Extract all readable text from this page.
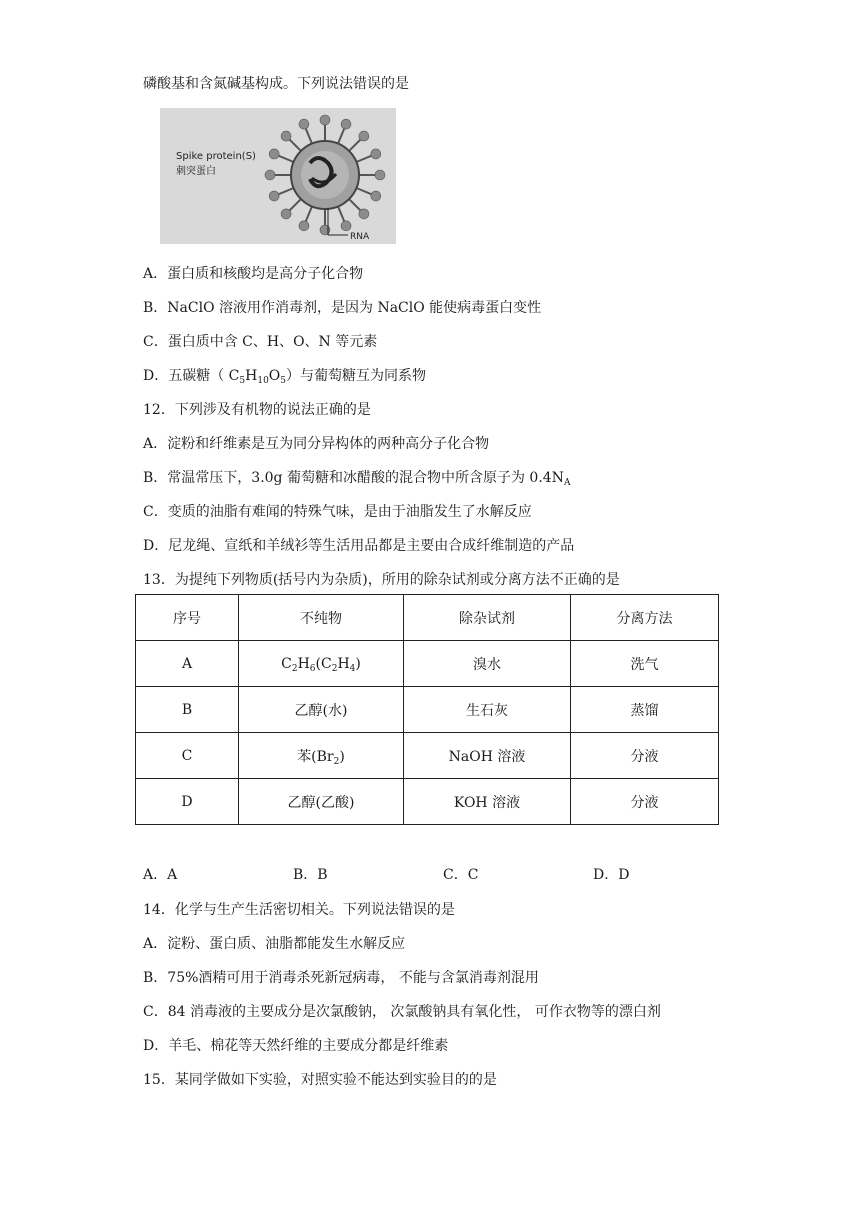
磷酸基和含氮碱基构成。下列说法错误的是
RNA
Spike protein(S)
刺突蛋白
A．蛋白质和核酸均是高分子化合物
B．NaClO 溶液用作消毒剂，是因为 NaClO 能使病毒蛋白变性
C．蛋白质中含 C、H、O、N 等元素
D．五碳糖（ $C_5H_{10}O_5$）与葡萄糖互为同系物
12．下列涉及有机物的说法正确的是
A．淀粉和纤维素是互为同分异构体的两种高分子化合物
B．常温常压下，3.0g 葡萄糖和冰醋酸的混合物中所含原子为 $0.4N_A$
C．变质的油脂有难闻的特殊气味，是由于油脂发生了水解反应
D．尼龙绳、宣纸和羊绒衫等生活用品都是主要由合成纤维制造的产品
13．为提纯下列物质(括号内为杂质)，所用的除杂试剂或分离方法不正确的是
序号	不纯物	除杂试剂	分离方法
A	$C_2H_6(C_2H_4)$	溴水	洗气
B	乙醇(水)	生石灰	蒸馏
C	苯$(Br_2)$	NaOH 溶液	分液
D	乙醇(乙酸)	KOH 溶液	分液
A．A	B．B	C．C	D．D
14．化学与生产生活密切相关。下列说法错误的是
A．淀粉、蛋白质、油脂都能发生水解反应
B．75%酒精可用于消毒杀死新冠病毒， 不能与含氯消毒剂混用
C．84 消毒液的主要成分是次氯酸钠， 次氯酸钠具有氧化性， 可作衣物等的漂白剂
D．羊毛、棉花等天然纤维的主要成分都是纤维素
15．某同学做如下实验，对照实验不能达到实验目的的是
